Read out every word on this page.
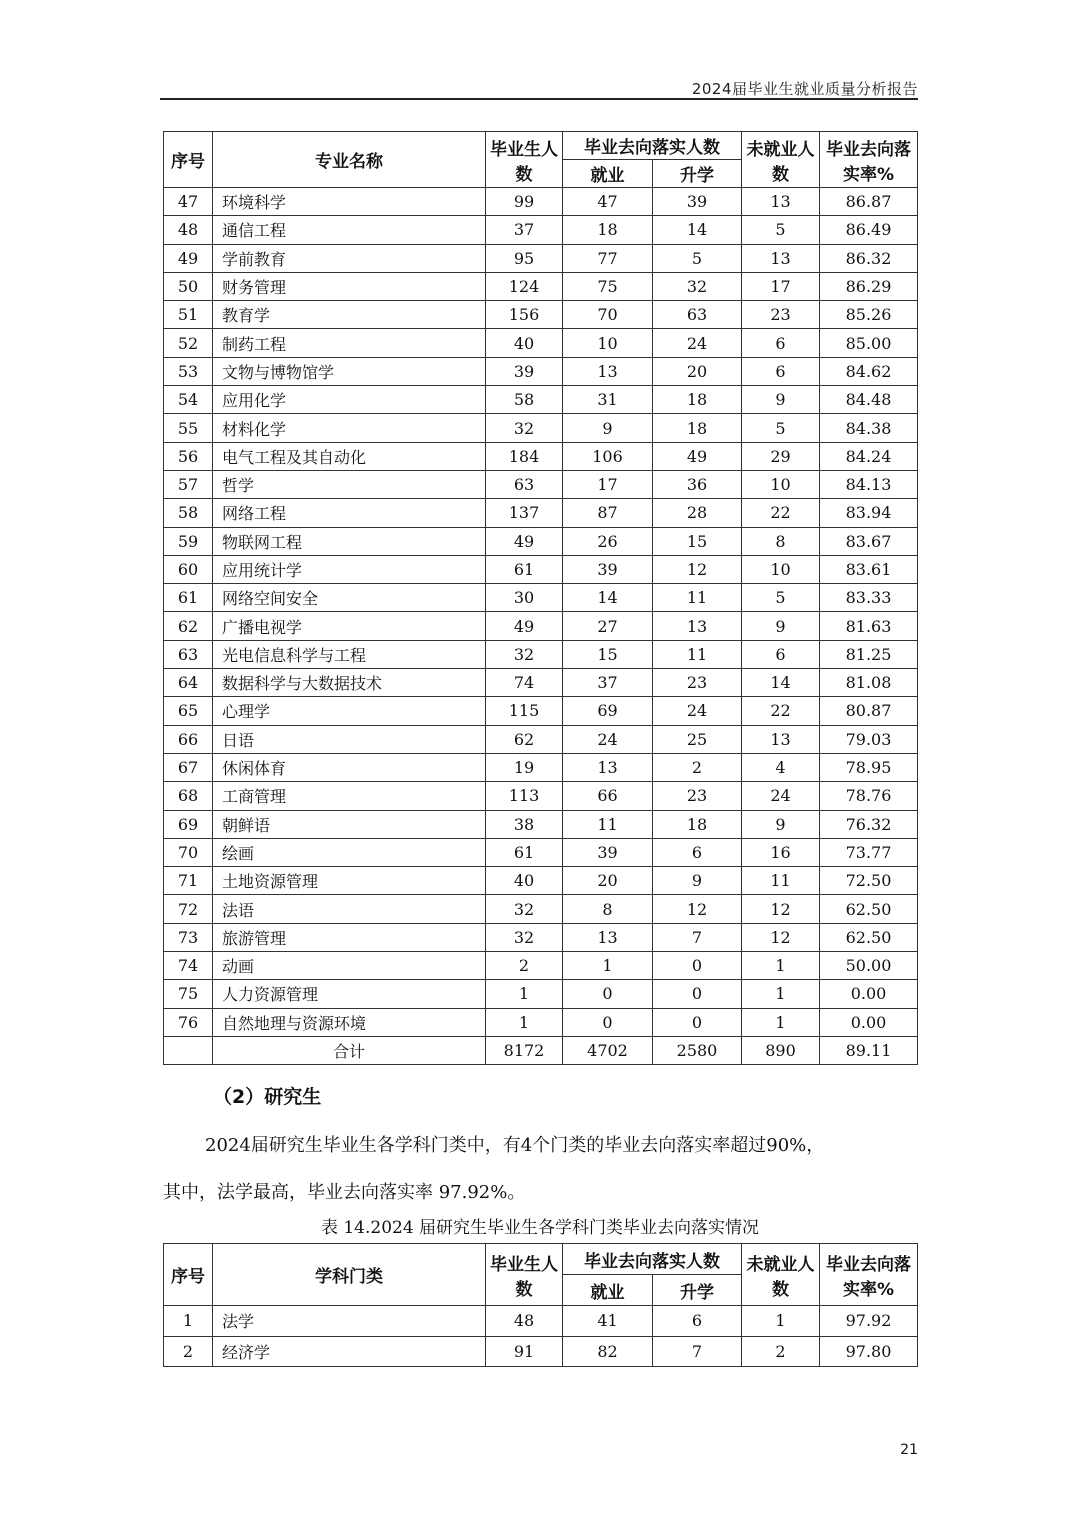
2024届毕业生就业质量分析报告
序号	专业名称	毕业生人数	毕业去向落实人数		未就业人数	毕业去向落实率%
			就业	升学		
47	环境科学	99	47	39	13	86.87
48	通信工程	37	18	14	5	86.49
49	学前教育	95	77	5	13	86.32
50	财务管理	124	75	32	17	86.29
51	教育学	156	70	63	23	85.26
52	制药工程	40	10	24	6	85.00
53	文物与博物馆学	39	13	20	6	84.62
54	应用化学	58	31	18	9	84.48
55	材料化学	32	9	18	5	84.38
56	电气工程及其自动化	184	106	49	29	84.24
57	哲学	63	17	36	10	84.13
58	网络工程	137	87	28	22	83.94
59	物联网工程	49	26	15	8	83.67
60	应用统计学	61	39	12	10	83.61
61	网络空间安全	30	14	11	5	83.33
62	广播电视学	49	27	13	9	81.63
63	光电信息科学与工程	32	15	11	6	81.25
64	数据科学与大数据技术	74	37	23	14	81.08
65	心理学	115	69	24	22	80.87
66	日语	62	24	25	13	79.03
67	休闲体育	19	13	2	4	78.95
68	工商管理	113	66	23	24	78.76
69	朝鲜语	38	11	18	9	76.32
70	绘画	61	39	6	16	73.77
71	土地资源管理	40	20	9	11	72.50
72	法语	32	8	12	12	62.50
73	旅游管理	32	13	7	12	62.50
74	动画	2	1	0	1	50.00
75	人力资源管理	1	0	0	1	0.00
76	自然地理与资源环境	1	0	0	1	0.00
	合计	8172	4702	2580	890	89.11
（2）研究生
2024届研究生毕业生各学科门类中，有4个门类的毕业去向落实率超过90%，
其中，法学最高，毕业去向落实率 97.92%。
表 14.2024 届研究生毕业生各学科门类毕业去向落实情况
序号	学科门类	毕业生人数	毕业去向落实人数		未就业人数	毕业去向落实率%
			就业	升学		
1	法学	48	41	6	1	97.92
2	经济学	91	82	7	2	97.80
21
